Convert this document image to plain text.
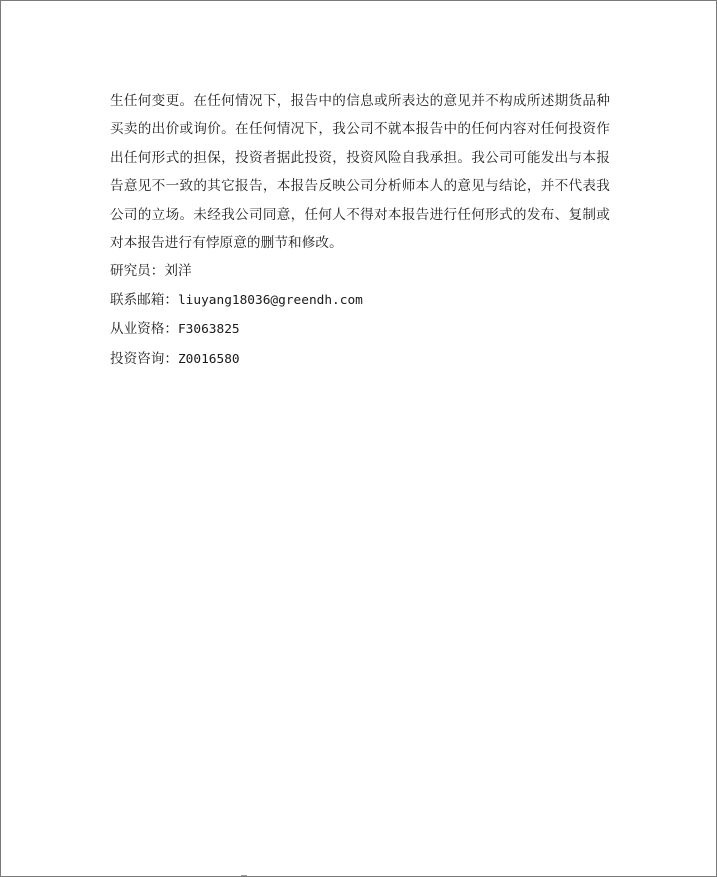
生任何变更。在任何情况下，报告中的信息或所表达的意见并不构成所述期货品种买卖的出价或询价。在任何情况下，我公司不就本报告中的任何内容对任何投资作出任何形式的担保，投资者据此投资，投资风险自我承担。我公司可能发出与本报告意见不一致的其它报告，本报告反映公司分析师本人的意见与结论，并不代表我公司的立场。未经我公司同意，任何人不得对本报告进行任何形式的发布、复制或对本报告进行有悖原意的删节和修改。

研究员：刘洋

联系邮箱：liuyang18036@greendh.com

从业资格：F3063825

投资咨询：Z0016580
